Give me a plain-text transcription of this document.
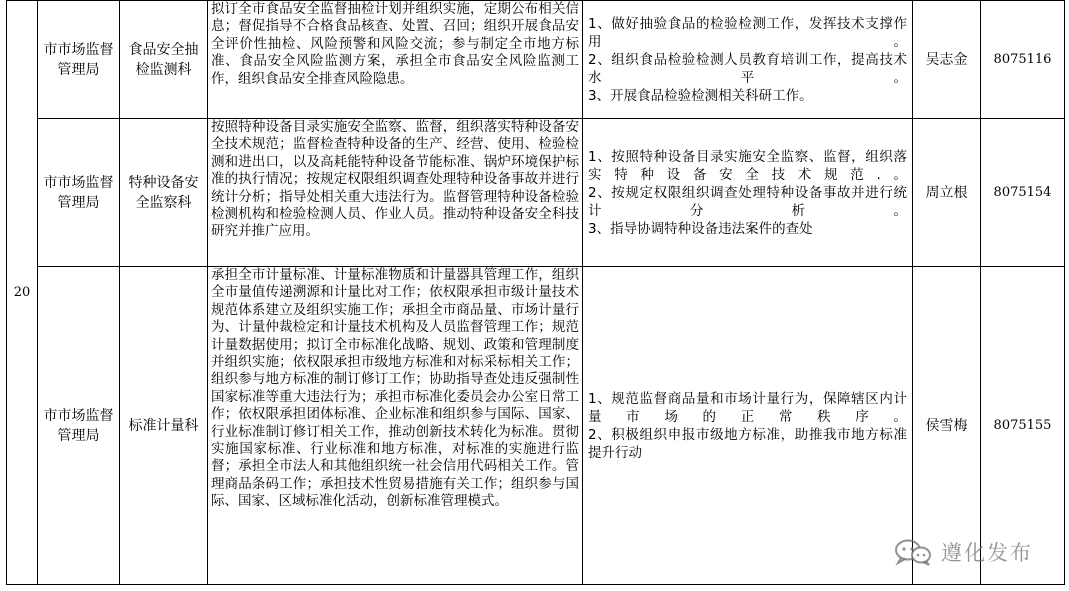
20	市市场监督管理局	食品安全抽检监测科	拟订全市食品安全监督抽检计划并组织实施，定期公布相关信息；督促指导不合格食品核查、处置、召回；组织开展食品安全评价性抽检、风险预警和风险交流；参与制定全市地方标准、食品安全风险监测方案，承担全市食品安全风险监测工作，组织食品安全排查风险隐患。	1、做好抽验食品的检验检测工作，发挥技术支撑作用。
2、组织食品检验检测人员教育培训工作，提高技术水平。
3、开展食品检验检测相关科研工作。	吴志金	8075116
	市市场监督管理局	特种设备安全监察科	按照特种设备目录实施安全监察、监督，组织落实特种设备安全技术规范；监督检查特种设备的生产、经营、使用、检验检测和进出口，以及高耗能特种设备节能标准、锅炉环境保护标准的执行情况；按规定权限组织调查处理特种设备事故并进行统计分析；指导处相关重大违法行为。监督管理特种设备检验检测机构和检验检测人员、作业人员。推动特种设备安全科技研究并推广应用。	1、按照特种设备目录实施安全监察、监督，组织落实特种设备安全技术规范.。
2、按规定权限组织调查处理特种设备事故并进行统计分析。
3、指导协调特种设备违法案件的查处	周立根	8075154
	市市场监督管理局	标准计量科	承担全市计量标准、计量标准物质和计量器具管理工作，组织全市量值传递溯源和计量比对工作；依权限承担市级计量技术规范体系建立及组织实施工作；承担全市商品量、市场计量行为、计量仲裁检定和计量技术机构及人员监督管理工作；规范计量数据使用；拟订全市标准化战略、规划、政策和管理制度并组织实施；依权限承担市级地方标准和对标采标相关工作；组织参与地方标准的制订修订工作；协助指导查处违反强制性国家标准等重大违法行为；承担市标准化委员会办公室日常工作；依权限承担团体标准、企业标准和组织参与国际、国家、行业标准制订修订相关工作，推动创新技术转化为标准。贯彻实施国家标准、行业标准和地方标准，对标准的实施进行监督；承担全市法人和其他组织统一社会信用代码相关工作。管理商品条码工作；承担技术性贸易措施有关工作；组织参与国际、国家、区域标准化活动，创新标准管理模式。	1、规范监督商品量和市场计量行为，保障辖区内计量市场的正常秩序。
2、积极组织申报市级地方标准，助推我市地方标准提升行动	侯雪梅	8075155
遵化发布
